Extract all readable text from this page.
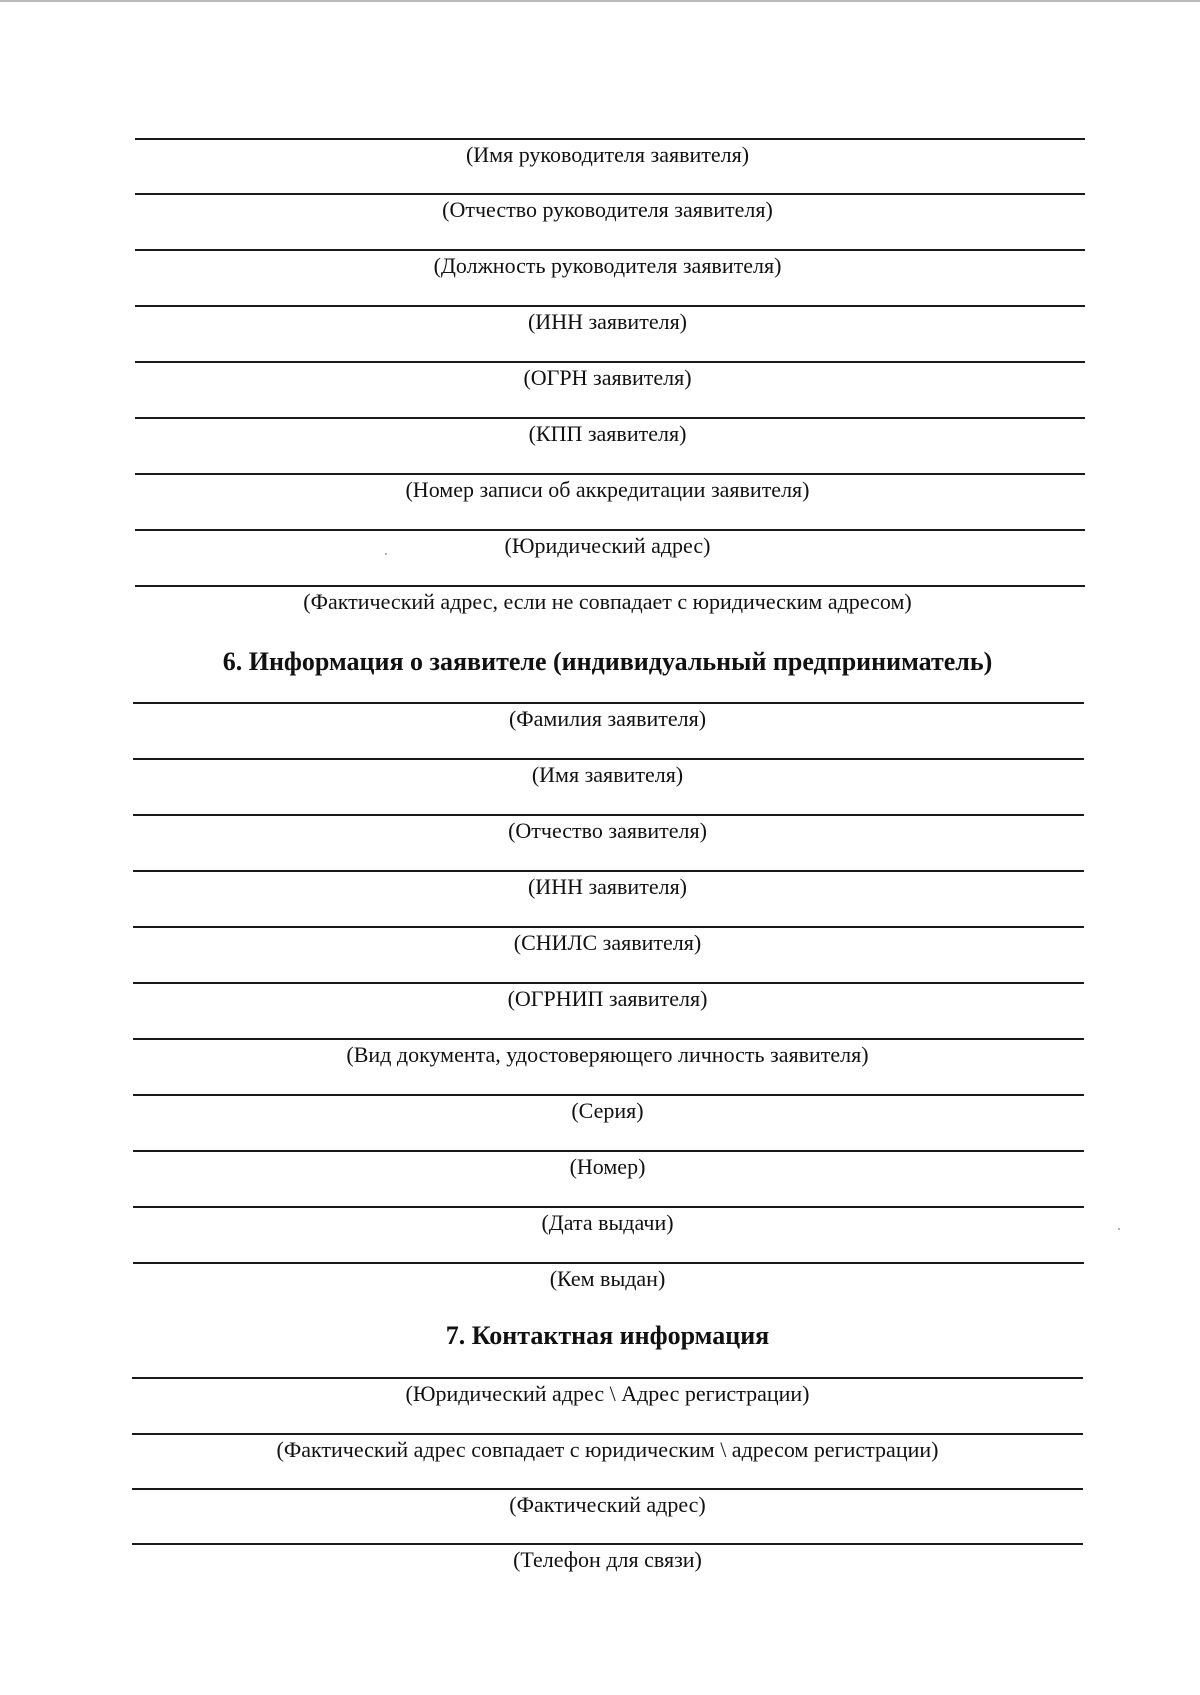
(Имя руководителя заявителя)
(Отчество руководителя заявителя)
(Должность руководителя заявителя)
(ИНН заявителя)
(ОГРН заявителя)
(КПП заявителя)
(Номер записи об аккредитации заявителя)
(Юридический адрес)
(Фактический адрес, если не совпадает с юридическим адресом)
6. Информация о заявителе (индивидуальный предприниматель)
(Фамилия заявителя)
(Имя заявителя)
(Отчество заявителя)
(ИНН заявителя)
(СНИЛС заявителя)
(ОГРНИП заявителя)
(Вид документа, удостоверяющего личность заявителя)
(Серия)
(Номер)
(Дата выдачи)
(Кем выдан)
7. Контактная информация
(Юридический адрес \ Адрес регистрации)
(Фактический адрес совпадает с юридическим \ адресом регистрации)
(Фактический адрес)
(Телефон для связи)
